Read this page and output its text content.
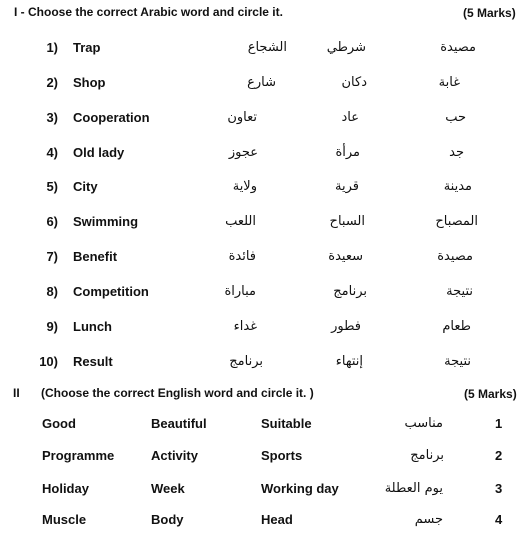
I - Choose the correct Arabic word and circle it.	(5 Marks)
1) Trap	الشجاع	شرطي	مصيدة
2) Shop	شارع	دكان	غابة
3) Cooperation	تعاون	عاد	حب
4) Old lady	عجوز	مرأة	جد
5) City	ولاية	قرية	مدينة
6) Swimming	اللعب	السباح	المصباح
7) Benefit	فائدة	سعيدة	مصيدة
8) Competition	مباراة	برنامج	نتيجة
9) Lunch	غداء	فطور	طعام
10) Result	برنامج	إنتهاء	نتيجة
II (Choose the correct English word and circle it. )	(5 Marks)
Good	Beautiful	Suitable	مناسب	1
Programme	Activity	Sports	برنامج	2
Holiday	Week	Working day	يوم العطلة	3
Muscle	Body	Head	جسم	4
